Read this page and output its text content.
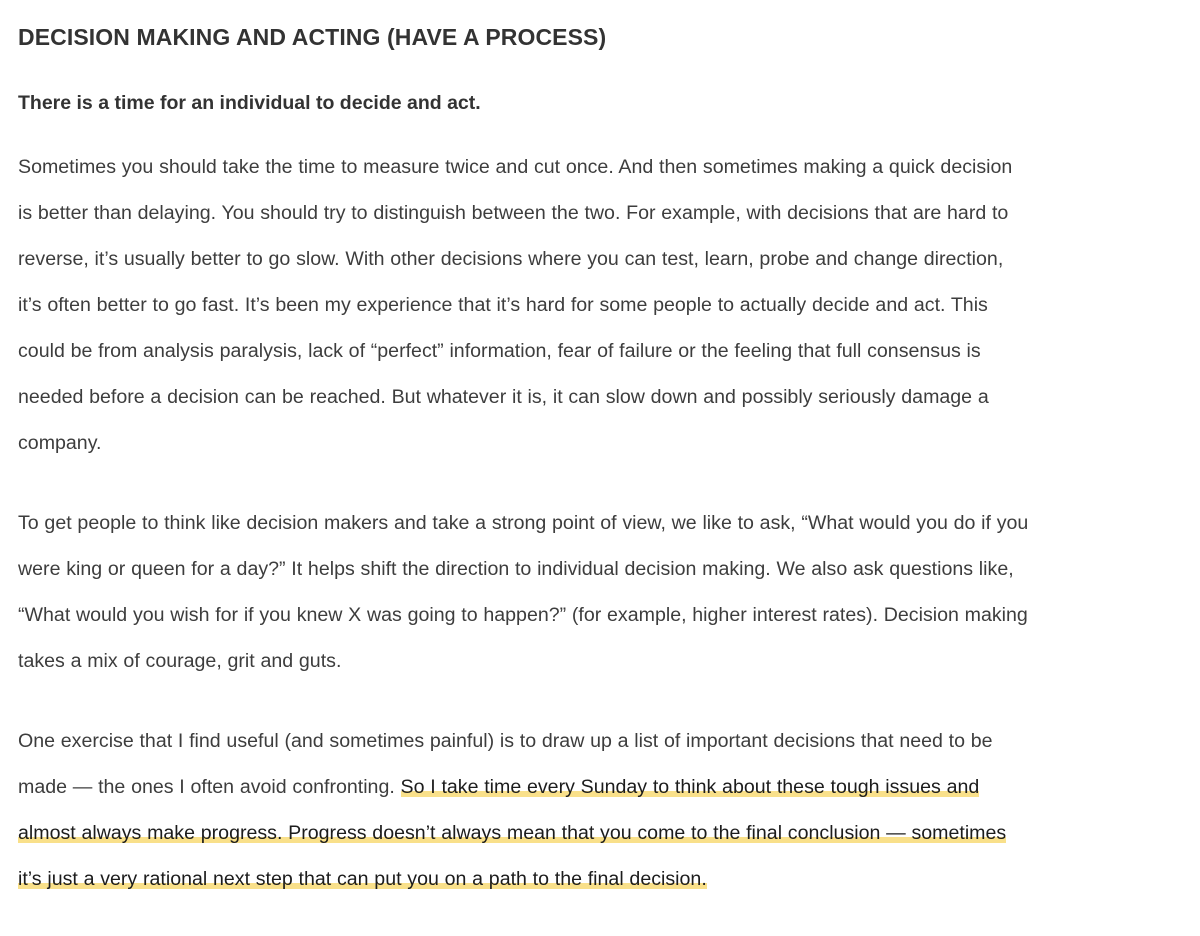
DECISION MAKING AND ACTING (HAVE A PROCESS)

There is a time for an individual to decide and act.

Sometimes you should take the time to measure twice and cut once. And then sometimes making a quick decision
is better than delaying. You should try to distinguish between the two. For example, with decisions that are hard to
reverse, it’s usually better to go slow. With other decisions where you can test, learn, probe and change direction,
it’s often better to go fast. It’s been my experience that it’s hard for some people to actually decide and act. This
could be from analysis paralysis, lack of “perfect” information, fear of failure or the feeling that full consensus is
needed before a decision can be reached. But whatever it is, it can slow down and possibly seriously damage a
company.

To get people to think like decision makers and take a strong point of view, we like to ask, “What would you do if you
were king or queen for a day?” It helps shift the direction to individual decision making. We also ask questions like,
“What would you wish for if you knew X was going to happen?” (for example, higher interest rates). Decision making
takes a mix of courage, grit and guts.

One exercise that I find useful (and sometimes painful) is to draw up a list of important decisions that need to be
made — the ones I often avoid confronting. So I take time every Sunday to think about these tough issues and
almost always make progress. Progress doesn’t always mean that you come to the final conclusion — sometimes
it’s just a very rational next step that can put you on a path to the final decision.
